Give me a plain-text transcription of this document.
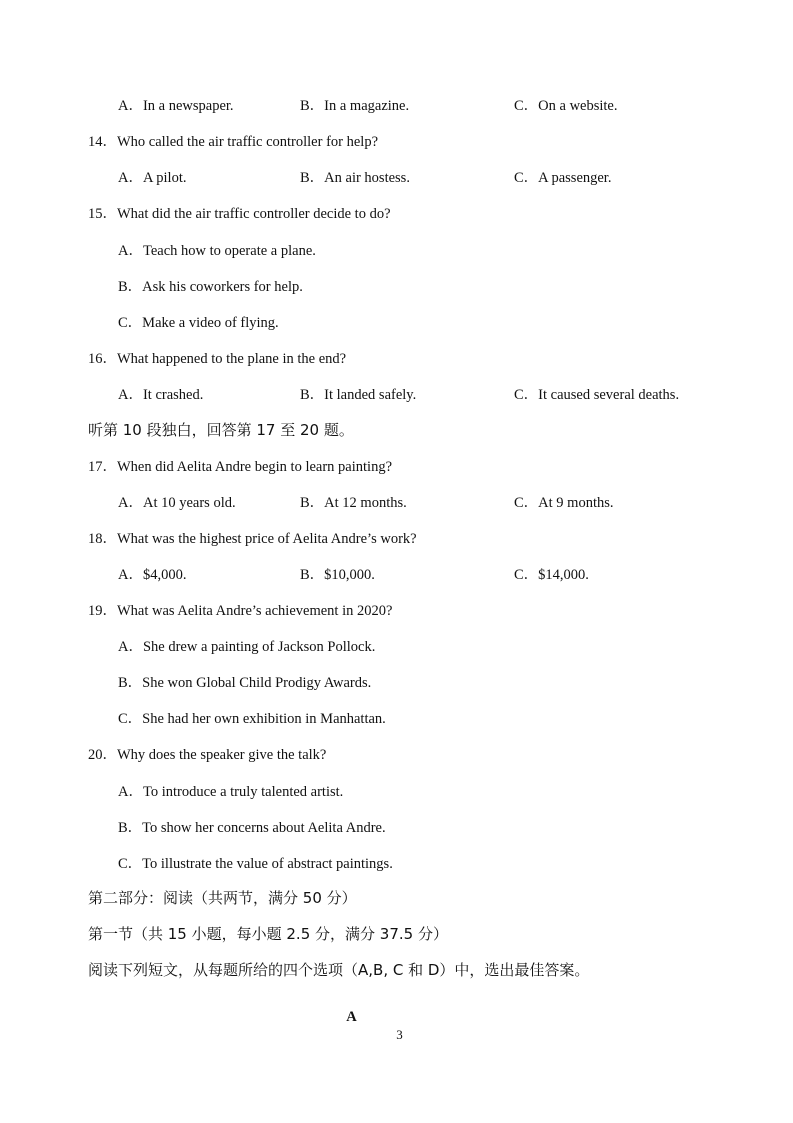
A．In a newspaper.	B．In a magazine.	C．On a website.
14．Who called the air traffic controller for help?
A．A pilot.	B．An air hostess.	C．A passenger.
15．What did the air traffic controller decide to do?
A．Teach how to operate a plane.
B．Ask his coworkers for help.
C．Make a video of flying.
16．What happened to the plane in the end?
A．It crashed.	B．It landed safely.	C．It caused several deaths.
听第 10 段独白，回答第 17 至 20 题。
17．When did Aelita Andre begin to learn painting?
A．At 10 years old.	B．At 12 months.	C．At 9 months.
18．What was the highest price of Aelita Andre’s work?
A．$4,000.	B．$10,000.	C．$14,000.
19．What was Aelita Andre’s achievement in 2020?
A．She drew a painting of Jackson Pollock.
B．She won Global Child Prodigy Awards.
C．She had her own exhibition in Manhattan.
20．Why does the speaker give the talk?
A．To introduce a truly talented artist.
B．To show her concerns about Aelita Andre.
C．To illustrate the value of abstract paintings.
第二部分：阅读（共两节，满分 50 分）
第一节（共 15 小题，每小题 2.5 分，满分 37.5 分）
阅读下列短文，从每题所给的四个选项（A,B, C 和 D）中，选出最佳答案。
A
3
